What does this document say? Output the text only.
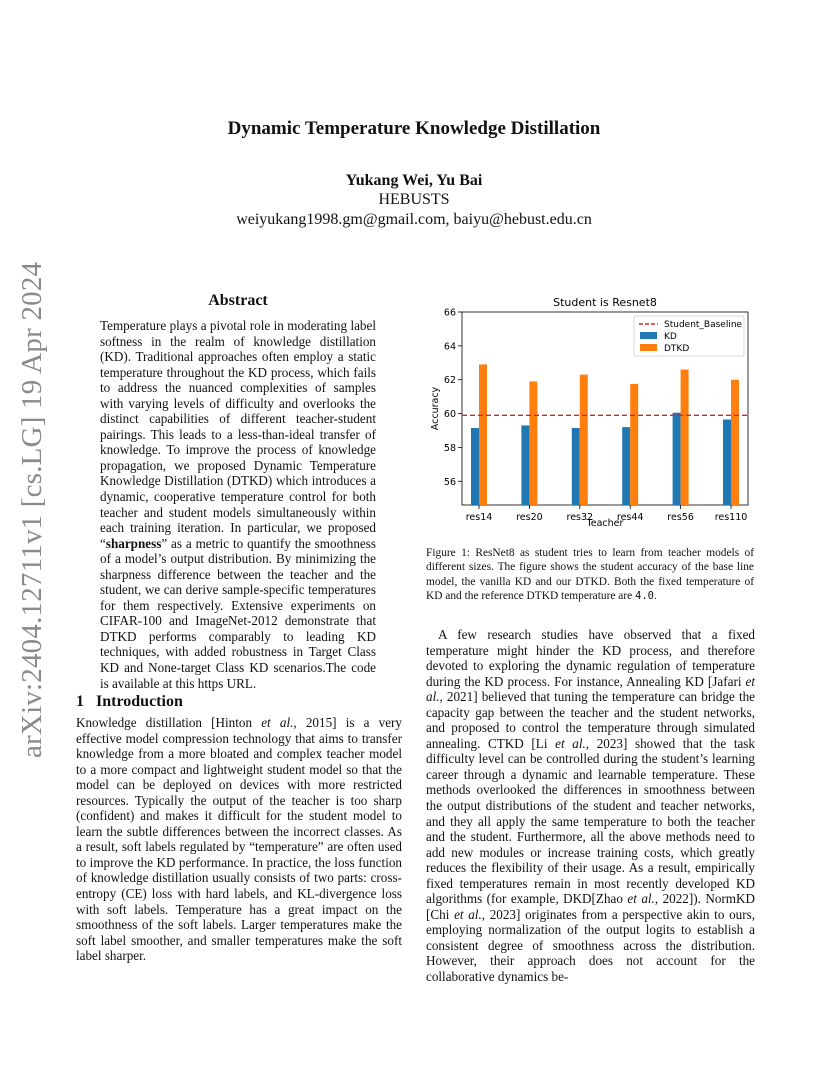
arXiv:2404.12711v1 [cs.LG] 19 Apr 2024
Dynamic Temperature Knowledge Distillation
Yukang Wei, Yu Bai
HEBUSTS
weiyukang1998.gm@gmail.com, baiyu@hebust.edu.cn
Abstract
Temperature plays a pivotal role in moderating label softness in the realm of knowledge distillation (KD). Traditional approaches often employ a static temperature throughout the KD process, which fails to address the nuanced complexities of samples with varying levels of difficulty and overlooks the distinct capabilities of different teacher-student pairings. This leads to a less-than-ideal transfer of knowledge. To improve the process of knowledge propagation, we proposed Dynamic Temperature Knowledge Distillation (DTKD) which introduces a dynamic, cooperative temperature control for both teacher and student models simultaneously within each training iteration. In particular, we proposed “sharpness” as a metric to quantify the smoothness of a model’s output distribution. By minimizing the sharpness difference between the teacher and the student, we can derive sample-specific temperatures for them respectively. Extensive experiments on CIFAR-100 and ImageNet-2012 demonstrate that DTKD performs comparably to leading KD techniques, with added robustness in Target Class KD and None-target Class KD scenarios.The code is available at this https URL.
1 Introduction
Knowledge distillation [Hinton et al., 2015] is a very effective model compression technology that aims to transfer knowledge from a more bloated and complex teacher model to a more compact and lightweight student model so that the model can be deployed on devices with more restricted resources. Typically the output of the teacher is too sharp (confident) and makes it difficult for the student model to learn the subtle differences between the incorrect classes. As a result, soft labels regulated by “temperature” are often used to improve the KD performance. In practice, the loss function of knowledge distillation usually consists of two parts: cross-entropy (CE) loss with hard labels, and KL-divergence loss with soft labels. Temperature has a great impact on the smoothness of the soft labels. Larger temperatures make the soft label smoother, and smaller temperatures make the soft label sharper.
Student is Resnet8
56
58
60
62
64
66
Accuracy
res14	res20	res32	res44	res56 res110
Teacher
Student_Baseline
KD
DTKD
Figure 1: ResNet8 as student tries to learn from teacher models of different sizes. The figure shows the student accuracy of the base line model, the vanilla KD and our DTKD. Both the fixed temperature of KD and the reference DTKD temperature are 4.0.
A few research studies have observed that a fixed temperature might hinder the KD process, and therefore devoted to exploring the dynamic regulation of temperature during the KD process. For instance, Annealing KD [Jafari et al., 2021] believed that tuning the temperature can bridge the capacity gap between the teacher and the student networks, and proposed to control the temperature through simulated annealing. CTKD [Li et al., 2023] showed that the task difficulty level can be controlled during the student’s learning career through a dynamic and learnable temperature. These methods overlooked the differences in smoothness between the output distributions of the student and teacher networks, and they all apply the same temperature to both the teacher and the student. Furthermore, all the above methods need to add new modules or increase training costs, which greatly reduces the flexibility of their usage. As a result, empirically fixed temperatures remain in most recently developed KD algorithms (for example, DKD[Zhao et al., 2022]). NormKD [Chi et al., 2023] originates from a perspective akin to ours, employing normalization of the output logits to establish a consistent degree of smoothness across the distribution. However, their approach does not account for the collaborative dynamics be-
